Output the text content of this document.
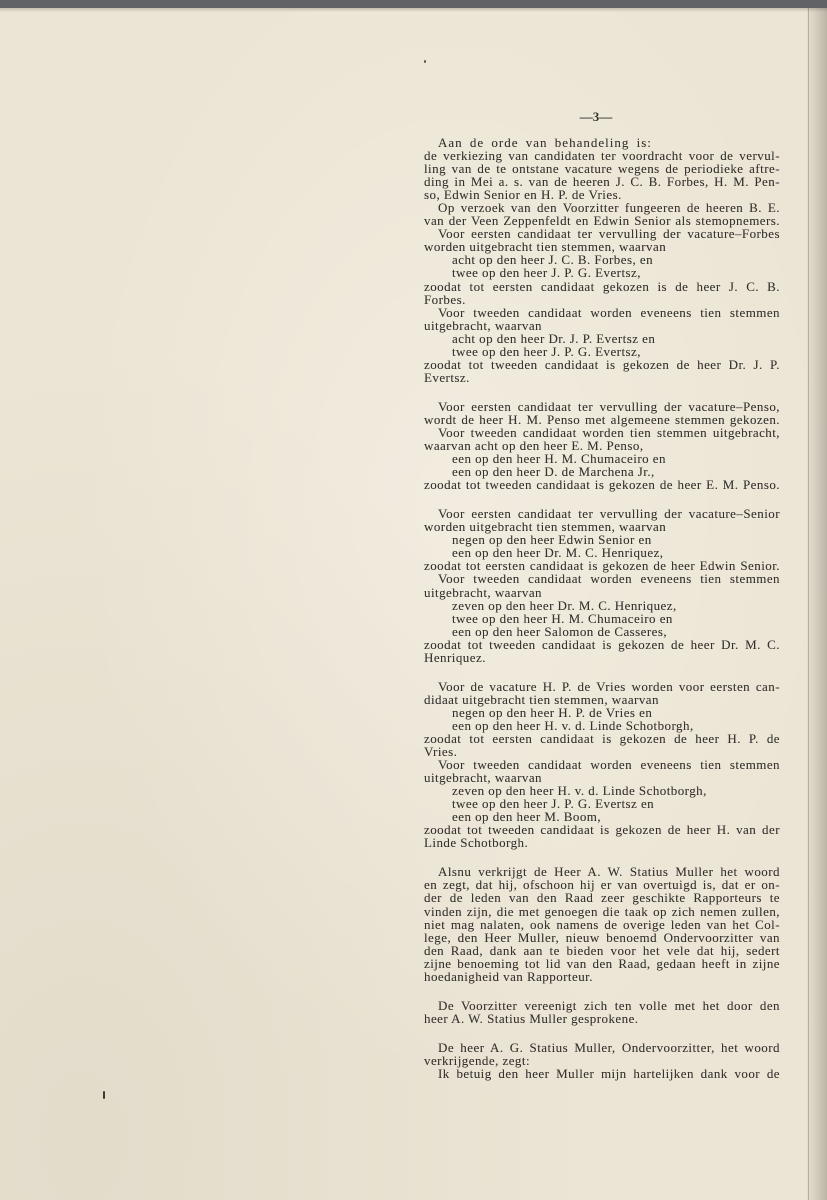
—3—
Aan de orde van behandeling is:
de verkiezing van candidaten ter voordracht voor de vervul-
ling van de te ontstane vacature wegens de periodieke aftre-
ding in Mei a. s. van de heeren J. C. B. Forbes, H. M. Pen-
so, Edwin Senior en H. P. de Vries.
Op verzoek van den Voorzitter fungeeren de heeren B. E.
van der Veen Zeppenfeldt en Edwin Senior als stemopnemers.
Voor eersten candidaat ter vervulling der vacature–Forbes
worden uitgebracht tien stemmen, waarvan
acht op den heer J. C. B. Forbes, en
twee op den heer J. P. G. Evertsz,
zoodat tot eersten candidaat gekozen is de heer J. C. B.
Forbes.
Voor tweeden candidaat worden eveneens tien stemmen
uitgebracht, waarvan
acht op den heer Dr. J. P. Evertsz en
twee op den heer J. P. G. Evertsz,
zoodat tot tweeden candidaat is gekozen de heer Dr. J. P.
Evertsz.
Voor eersten candidaat ter vervulling der vacature–Penso,
wordt de heer H. M. Penso met algemeene stemmen gekozen.
Voor tweeden candidaat worden tien stemmen uitgebracht,
waarvan acht op den heer E. M. Penso,
een op den heer H. M. Chumaceiro en
een op den heer D. de Marchena Jr.,
zoodat tot tweeden candidaat is gekozen de heer E. M. Penso.
Voor eersten candidaat ter vervulling der vacature–Senior
worden uitgebracht tien stemmen, waarvan
negen op den heer Edwin Senior en
een op den heer Dr. M. C. Henriquez,
zoodat tot eersten candidaat is gekozen de heer Edwin Senior.
Voor tweeden candidaat worden eveneens tien stemmen
uitgebracht, waarvan
zeven op den heer Dr. M. C. Henriquez,
twee op den heer H. M. Chumaceiro en
een op den heer Salomon de Casseres,
zoodat tot tweeden candidaat is gekozen de heer Dr. M. C.
Henriquez.
Voor de vacature H. P. de Vries worden voor eersten can-
didaat uitgebracht tien stemmen, waarvan
negen op den heer H. P. de Vries en
een op den heer H. v. d. Linde Schotborgh,
zoodat tot eersten candidaat is gekozen de heer H. P. de
Vries.
Voor tweeden candidaat worden eveneens tien stemmen
uitgebracht, waarvan
zeven op den heer H. v. d. Linde Schotborgh,
twee op den heer J. P. G. Evertsz en
een op den heer M. Boom,
zoodat tot tweeden candidaat is gekozen de heer H. van der
Linde Schotborgh.
Alsnu verkrijgt de Heer A. W. Statius Muller het woord
en zegt, dat hij, ofschoon hij er van overtuigd is, dat er on-
der de leden van den Raad zeer geschikte Rapporteurs te
vinden zijn, die met genoegen die taak op zich nemen zullen,
niet mag nalaten, ook namens de overige leden van het Col-
lege, den Heer Muller, nieuw benoemd Ondervoorzitter van
den Raad, dank aan te bieden voor het vele dat hij, sedert
zijne benoeming tot lid van den Raad, gedaan heeft in zijne
hoedanigheid van Rapporteur.
De Voorzitter vereenigt zich ten volle met het door den
heer A. W. Statius Muller gesprokene.
De heer A. G. Statius Muller, Ondervoorzitter, het woord
verkrijgende, zegt:
Ik betuig den heer Muller mijn hartelijken dank voor de
